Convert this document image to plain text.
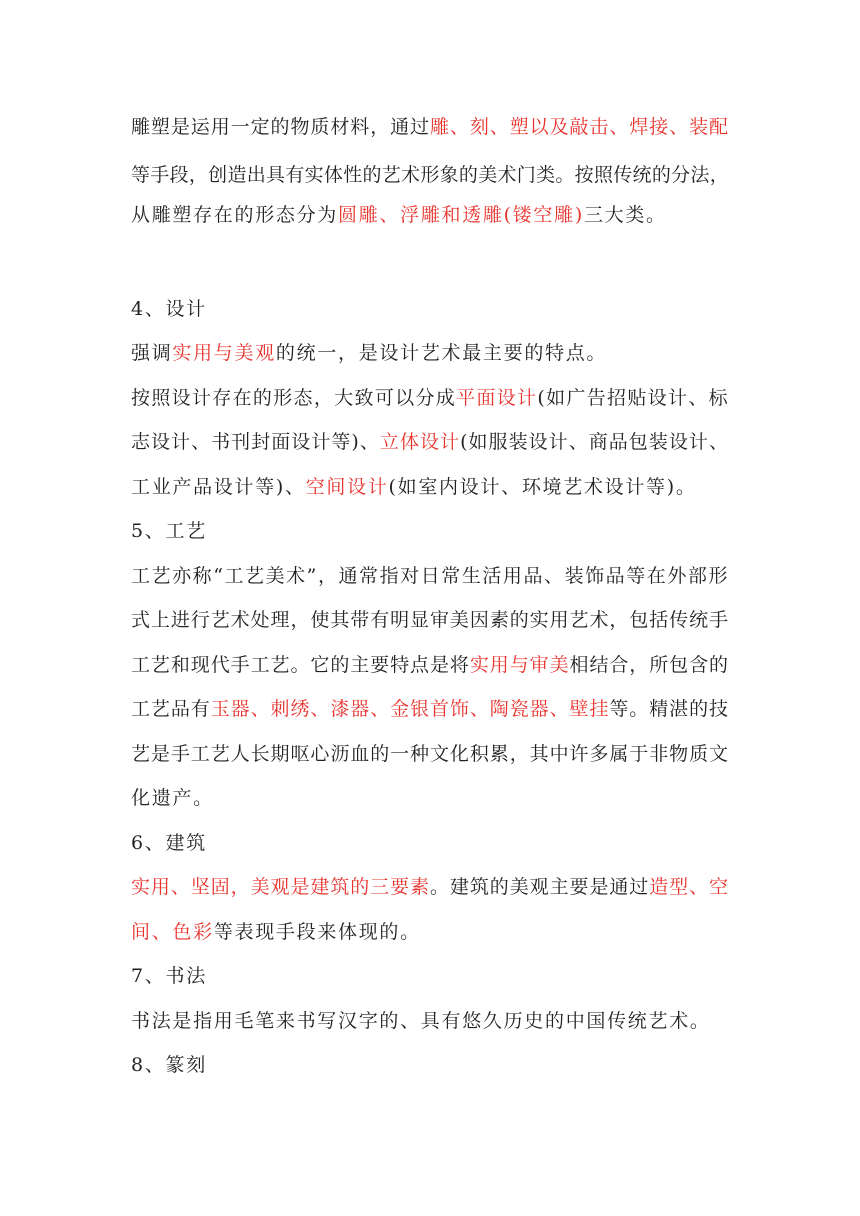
雕塑是运用一定的物质材料，通过雕、刻、塑以及敲击、焊接、装配
等手段，创造出具有实体性的艺术形象的美术门类。按照传统的分法，
从雕塑存在的形态分为圆雕、浮雕和透雕(镂空雕)三大类。
4、设计
强调实用与美观的统一，是设计艺术最主要的特点。
按照设计存在的形态，大致可以分成平面设计(如广告招贴设计、标
志设计、书刊封面设计等)、立体设计(如服装设计、商品包装设计、
工业产品设计等)、空间设计(如室内设计、环境艺术设计等)。
5、工艺
工艺亦称“工艺美术”，通常指对日常生活用品、装饰品等在外部形
式上进行艺术处理，使其带有明显审美因素的实用艺术，包括传统手
工艺和现代手工艺。它的主要特点是将实用与审美相结合，所包含的
工艺品有玉器、刺绣、漆器、金银首饰、陶瓷器、壁挂等。精湛的技
艺是手工艺人长期呕心沥血的一种文化积累，其中许多属于非物质文
化遗产。
6、建筑
实用、坚固，美观是建筑的三要素。建筑的美观主要是通过造型、空
间、色彩等表现手段来体现的。
7、书法
书法是指用毛笔来书写汉字的、具有悠久历史的中国传统艺术。
8、篆刻
